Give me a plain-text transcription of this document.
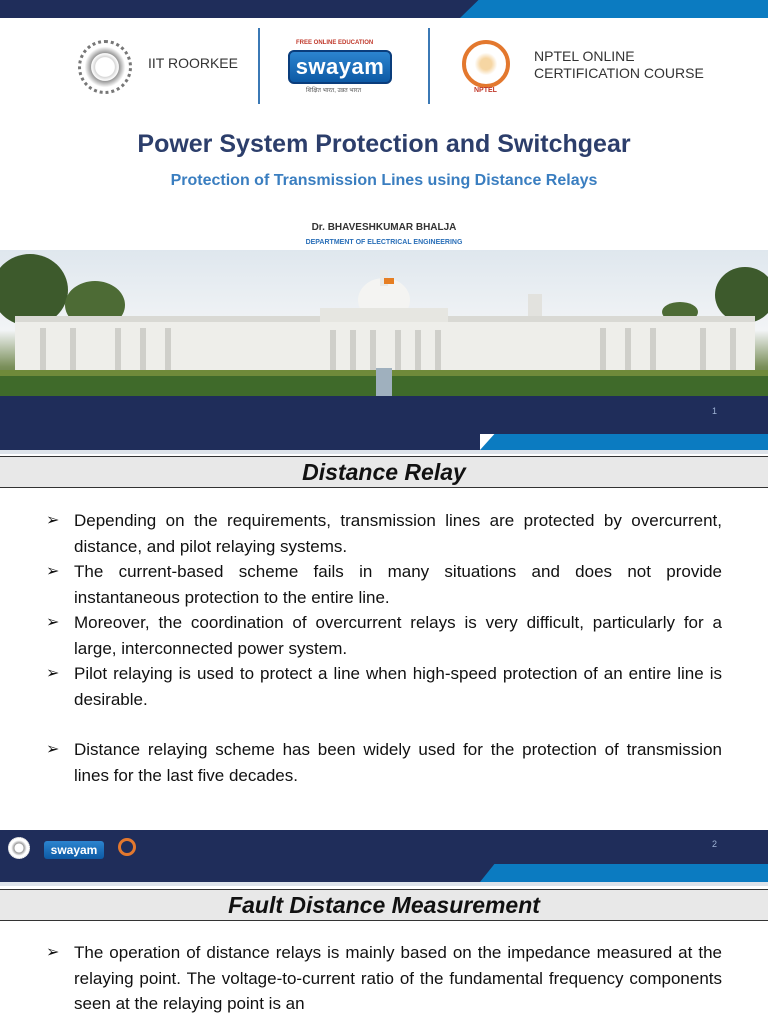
IIT ROORKEE
FREE ONLINE EDUCATION
swayam
शिक्षित भारत, उन्नत भारत	NPTEL
NPTEL ONLINE
CERTIFICATION COURSE
Power System Protection and Switchgear
Protection of Transmission Lines using Distance Relays
Dr. BHAVESHKUMAR BHALJA
DEPARTMENT OF ELECTRICAL ENGINEERING
1
Distance Relay
➢ Depending on the requirements, transmission lines are protected by overcurrent, distance, and pilot relaying systems.
➢ The current-based scheme fails in many situations and does not provide instantaneous protection to the entire line.
➢ Moreover, the coordination of overcurrent relays is very difficult, particularly for a large, interconnected power system.
➢ Pilot relaying is used to protect a line when high-speed protection of an entire line is desirable.
➢ Distance relaying scheme has been widely used for the protection of transmission lines for the last five decades.
swayam	2
Fault Distance Measurement
➢ The operation of distance relays is mainly based on the impedance measured at the relaying point. The voltage-to-current ratio of the fundamental frequency components seen at the relaying point is an
